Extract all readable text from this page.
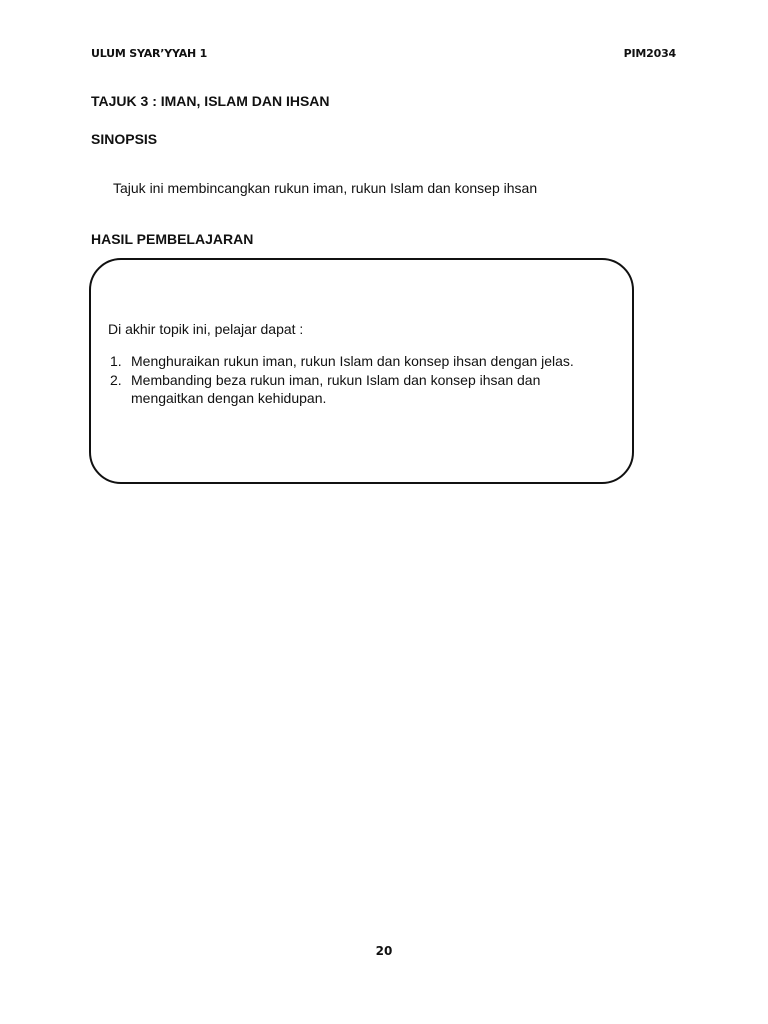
ULUM SYAR’YYAH 1	PIM2034
TAJUK 3 : IMAN, ISLAM DAN IHSAN
SINOPSIS
Tajuk ini membincangkan rukun iman, rukun Islam dan konsep ihsan
HASIL PEMBELAJARAN
Di akhir topik ini, pelajar dapat :
1. Menghuraikan rukun iman, rukun Islam dan konsep ihsan dengan jelas.
2. Membanding beza rukun iman, rukun Islam dan konsep ihsan dan
mengaitkan dengan kehidupan.
20
